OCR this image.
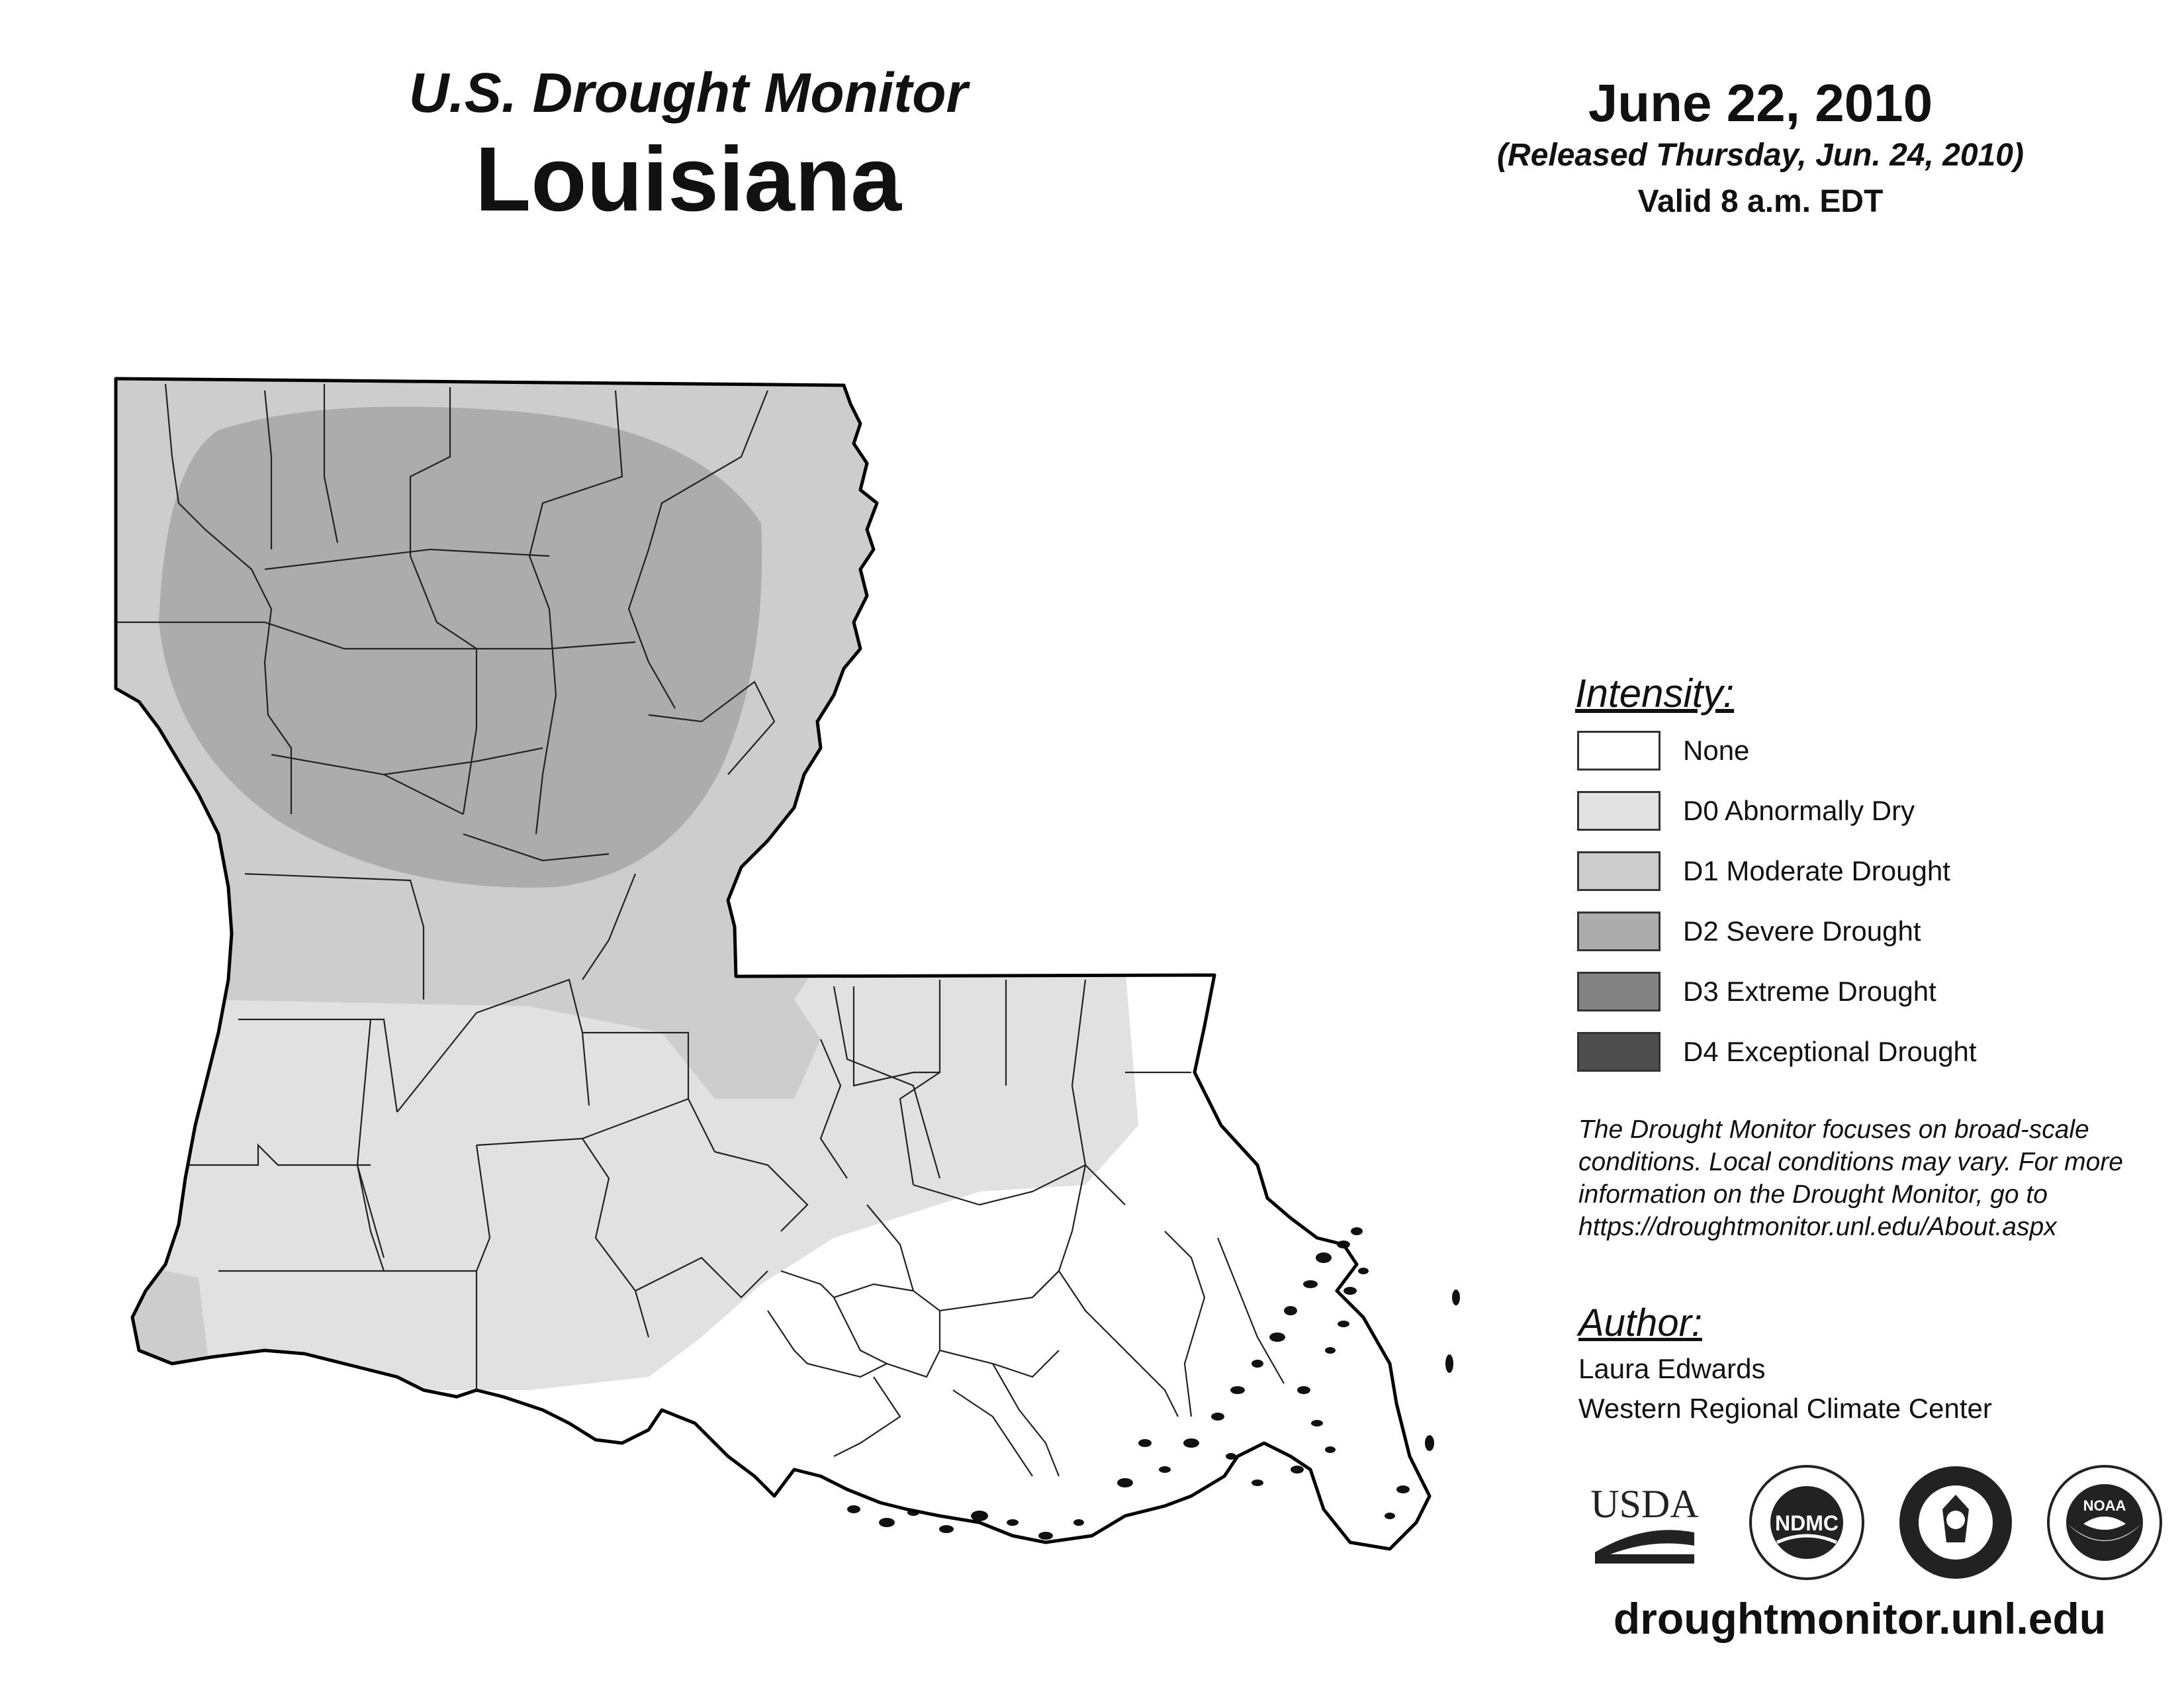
U.S. Drought Monitor
Louisiana
June 22, 2010
(Released Thursday, Jun. 24, 2010)
Valid 8 a.m. EDT
Intensity:
None
D0 Abnormally Dry
D1 Moderate Drought
D2 Severe Drought
D3 Extreme Drought
D4 Exceptional Drought
The Drought Monitor focuses on broad-scale
conditions. Local conditions may vary. For more
information on the Drought Monitor, go to
https://droughtmonitor.unl.edu/About.aspx
Author:
Laura Edwards
Western Regional Climate Center
USDA	NDMC
NOAA
droughtmonitor.unl.edu
